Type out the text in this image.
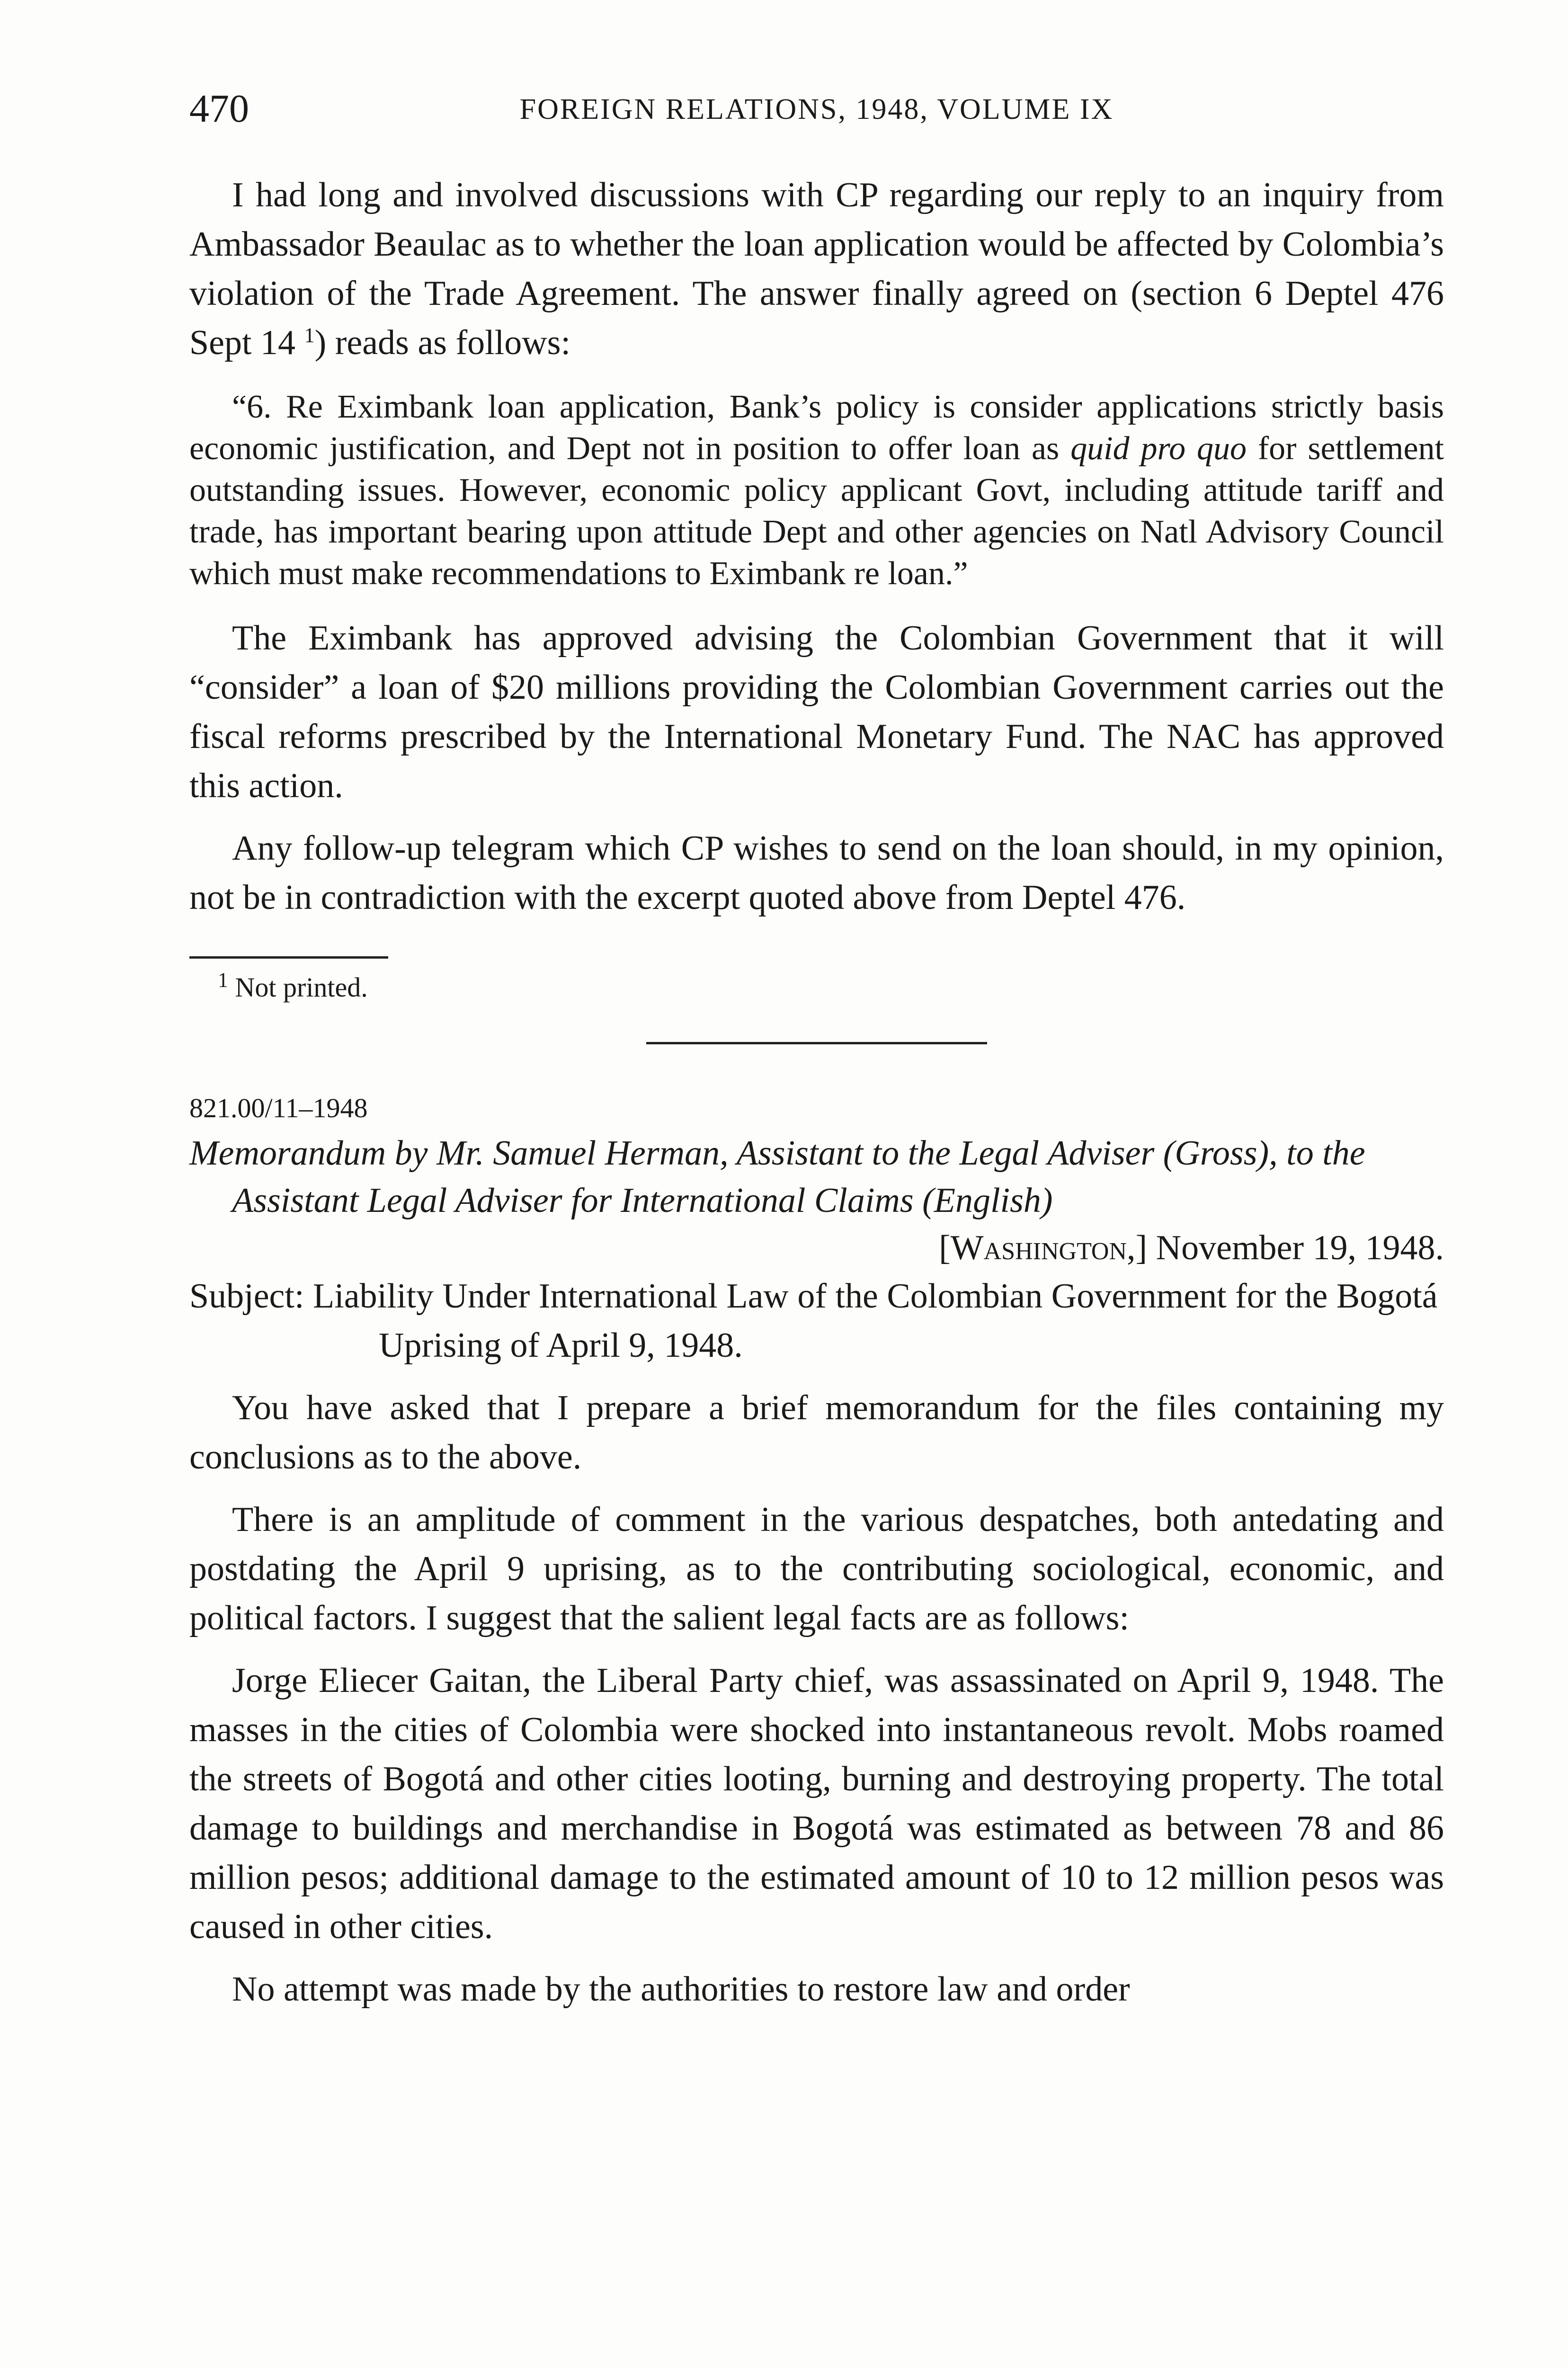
470	FOREIGN RELATIONS, 1948, VOLUME IX

I had long and involved discussions with CP regarding our reply to an inquiry from Ambassador Beaulac as to whether the loan application would be affected by Colombia’s violation of the Trade Agreement. The answer finally agreed on (section 6 Deptel 476 Sept 14 $^1$) reads as follows:

“6. Re Eximbank loan application, Bank’s policy is consider applications strictly basis economic justification, and Dept not in position to offer loan as quid pro quo for settlement outstanding issues. However, economic policy applicant Govt, including attitude tariff and trade, has important bearing upon attitude Dept and other agencies on Natl Advisory Council which must make recommendations to Eximbank re loan.”

The Eximbank has approved advising the Colombian Government that it will “consider” a loan of $20 millions providing the Colombian Government carries out the fiscal reforms prescribed by the International Monetary Fund. The NAC has approved this action.

Any follow-up telegram which CP wishes to send on the loan should, in my opinion, not be in contradiction with the excerpt quoted above from Deptel 476.

$^1$ Not printed.
821.00/11–1948

Memorandum by Mr. Samuel Herman, Assistant to the Legal Adviser (Gross), to the Assistant Legal Adviser for International Claims (English)

[Washington,] November 19, 1948.

Subject: Liability Under International Law of the Colombian Government for the Bogotá Uprising of April 9, 1948.

You have asked that I prepare a brief memorandum for the files containing my conclusions as to the above.

There is an amplitude of comment in the various despatches, both antedating and postdating the April 9 uprising, as to the contributing sociological, economic, and political factors. I suggest that the salient legal facts are as follows:

Jorge Eliecer Gaitan, the Liberal Party chief, was assassinated on April 9, 1948. The masses in the cities of Colombia were shocked into instantaneous revolt. Mobs roamed the streets of Bogotá and other cities looting, burning and destroying property. The total damage to buildings and merchandise in Bogotá was estimated as between 78 and 86 million pesos; additional damage to the estimated amount of 10 to 12 million pesos was caused in other cities.

No attempt was made by the authorities to restore law and order
